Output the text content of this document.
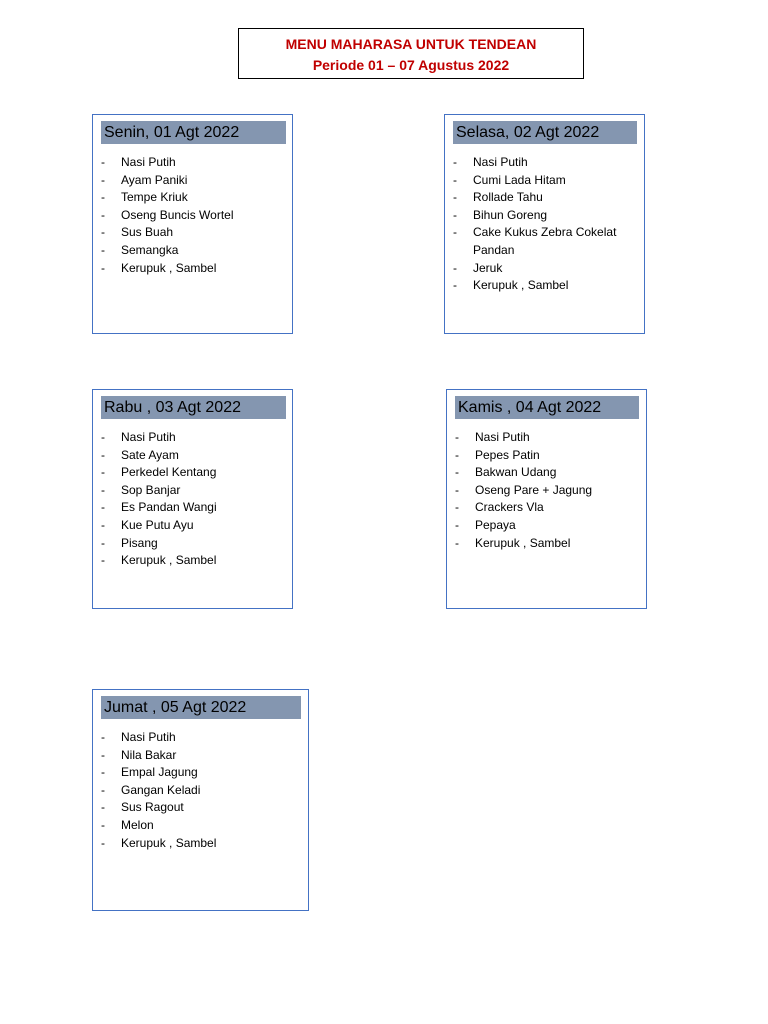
MENU MAHARASA UNTUK TENDEAN
Periode 01 – 07 Agustus 2022
Senin, 01 Agt 2022
- Nasi Putih
- Ayam Paniki
- Tempe Kriuk
- Oseng Buncis Wortel
- Sus Buah
- Semangka
- Kerupuk , Sambel
Selasa, 02 Agt 2022
- Nasi Putih
- Cumi Lada Hitam
- Rollade Tahu
- Bihun Goreng
- Cake Kukus Zebra Cokelat Pandan
- Jeruk
- Kerupuk , Sambel
Rabu , 03 Agt 2022
- Nasi Putih
- Sate Ayam
- Perkedel Kentang
- Sop Banjar
- Es Pandan Wangi
- Kue Putu Ayu
- Pisang
- Kerupuk , Sambel
Kamis , 04 Agt 2022
- Nasi Putih
- Pepes Patin
- Bakwan Udang
- Oseng Pare + Jagung
- Crackers Vla
- Pepaya
- Kerupuk , Sambel
Jumat , 05 Agt 2022
- Nasi Putih
- Nila Bakar
- Empal Jagung
- Gangan Keladi
- Sus Ragout
- Melon
- Kerupuk , Sambel
